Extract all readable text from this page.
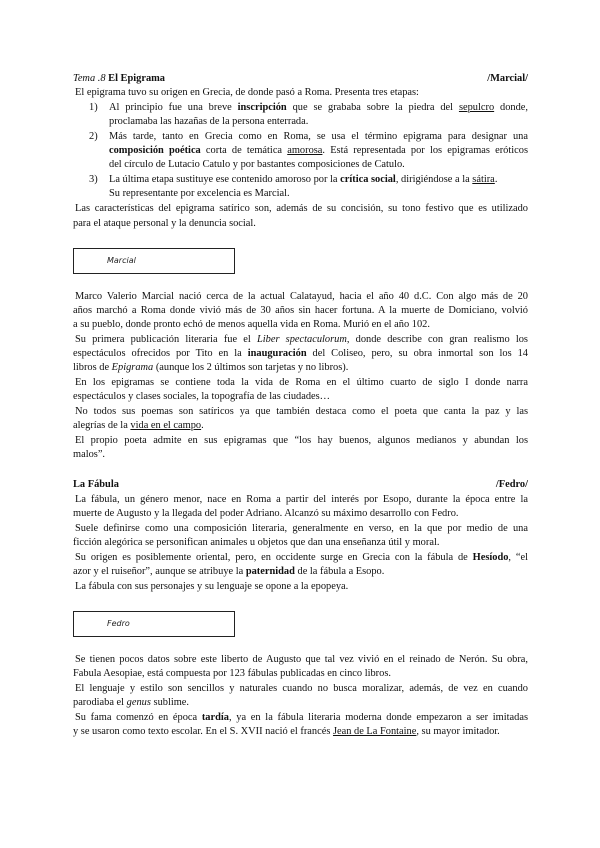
Tema .8 El Epigrama	/Marcial/
El epigrama tuvo su origen en Grecia, de donde pasó a Roma. Presenta tres etapas:
1) Al principio fue una breve inscripción que se grababa sobre la piedra del sepulcro donde,
proclamaba las hazañas de la persona enterrada.
2) Más tarde, tanto en Grecia como en Roma, se usa el término epigrama para designar una
composición poética corta de temática amorosa. Está representada por los epigramas eróticos
del círculo de Lutacio Catulo y por bastantes composiciones de Catulo.
3) La última etapa sustituye ese contenido amoroso por la crítica social, dirigiéndose a la sátira.
Su representante por excelencia es Marcial.
Las características del epigrama satírico son, además de su concisión, su tono festivo que es utilizado
para el ataque personal y la denuncia social.
Marcial
Marco Valerio Marcial nació cerca de la actual Calatayud, hacia el año 40 d.C. Con algo más de 20
años marchó a Roma donde vivió más de 30 años sin hacer fortuna. A la muerte de Domiciano, volvió
a su pueblo, donde pronto echó de menos aquella vida en Roma. Murió en el año 102.
Su primera publicación literaria fue el Liber spectaculorum, donde describe con gran realismo los
espectáculos ofrecidos por Tito en la inauguración del Coliseo, pero, su obra inmortal son los 14
libros de Epigrama (aunque los 2 últimos son tarjetas y no libros).
En los epigramas se contiene toda la vida de Roma en el último cuarto de siglo I donde narra
espectáculos y clases sociales, la topografía de las ciudades…
No todos sus poemas son satíricos ya que también destaca como el poeta que canta la paz y las
alegrías de la vida en el campo.
El propio poeta admite en sus epigramas que “los hay buenos, algunos medianos y abundan los
malos”.
La Fábula	/Fedro/
La fábula, un género menor, nace en Roma a partir del interés por Esopo, durante la época entre la
muerte de Augusto y la llegada del poder Adriano. Alcanzó su máximo desarrollo con Fedro.
Suele definirse como una composición literaria, generalmente en verso, en la que por medio de una
ficción alegórica se personifican animales u objetos que dan una enseñanza útil y moral.
Su origen es posiblemente oriental, pero, en occidente surge en Grecia con la fábula de Hesíodo, “el
azor y el ruiseñor”, aunque se atribuye la paternidad de la fábula a Esopo.
La fábula con sus personajes y su lenguaje se opone a la epopeya.
Fedro
Se tienen pocos datos sobre este liberto de Augusto que tal vez vivió en el reinado de Nerón. Su obra,
Fabula Aesopiae, está compuesta por 123 fábulas publicadas en cinco libros.
El lenguaje y estilo son sencillos y naturales cuando no busca moralizar, además, de vez en cuando
parodiaba el genus sublime.
Su fama comenzó en época tardía, ya en la fábula literaria moderna donde empezaron a ser imitadas
y se usaron como texto escolar. En el S. XVII nació el francés Jean de La Fontaine, su mayor imitador.
